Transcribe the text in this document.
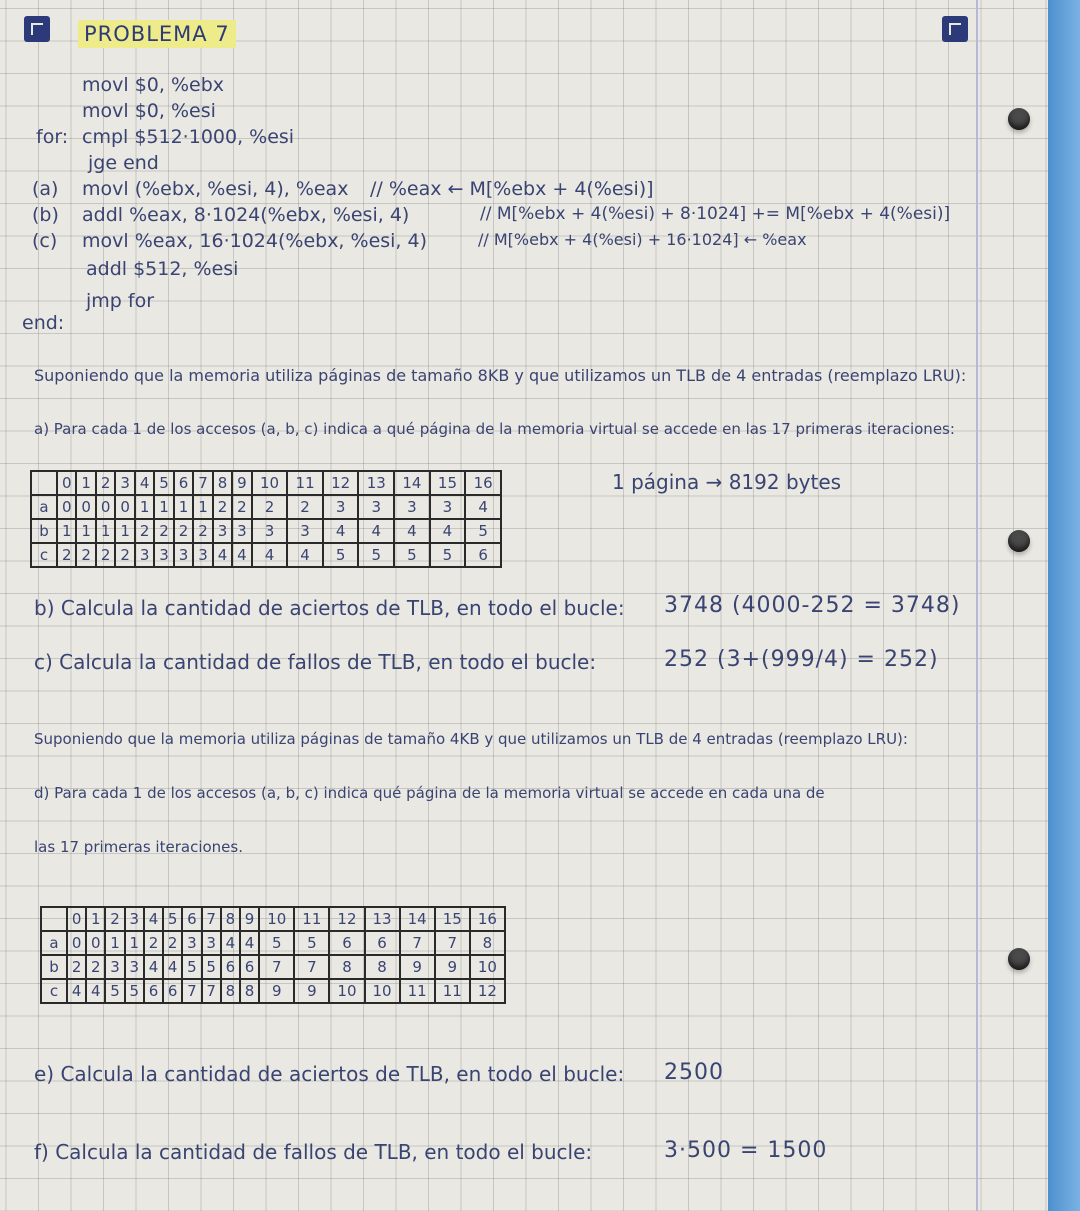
PROBLEMA 7
movl $0, %ebx
movl $0, %esi
for: cmpl $512·1000, %esi
jge end
(a) movl (%ebx, %esi, 4), %eax // %eax ← M[%ebx + 4(%esi)]
(b) addl %eax, 8·1024(%ebx, %esi, 4)	// M[%ebx + 4(%esi) + 8·1024] += M[%ebx + 4(%esi)]
(c) movl %eax, 16·1024(%ebx, %esi, 4)	// M[%ebx + 4(%esi) + 16·1024] ← %eax
addl $512, %esi
jmp for
end:
Suponiendo que la memoria utiliza páginas de tamaño 8KB y que utilizamos un TLB de 4 entradas (reemplazo LRU):
a) Para cada 1 de los accesos (a, b, c) indica a qué página de la memoria virtual se accede en las 17 primeras iteraciones:
1 página → 8192 bytes
	0	1	2	3	4	5	6	7	8	9	10	11	12	13	14	15	16
a	0	0	0	0	1	1	1	1	2	2	2	2	3	3	3	3	4
b	1	1	1	1	2	2	2	2	3	3	3	3	4	4	4	4	5
c	2	2	2	2	3	3	3	3	4	4	4	4	5	5	5	5	6
b) Calcula la cantidad de aciertos de TLB, en todo el bucle: 3748 (4000-252 = 3748)
c) Calcula la cantidad de fallos de TLB, en todo el bucle:	252 (3+(999/4) = 252)
Suponiendo que la memoria utiliza páginas de tamaño 4KB y que utilizamos un TLB de 4 entradas (reemplazo LRU):
d) Para cada 1 de los accesos (a, b, c) indica qué página de la memoria virtual se accede en cada una de
las 17 primeras iteraciones.
	0	1	2	3	4	5	6	7	8	9	10	11	12	13	14	15	16
a	0	0	1	1	2	2	3	3	4	4	5	5	6	6	7	7	8
b	2	2	3	3	4	4	5	5	6	6	7	7	8	8	9	9	10
c	4	4	5	5	6	6	7	7	8	8	9	9	10	10	11	11	12
e) Calcula la cantidad de aciertos de TLB, en todo el bucle: 2500
f) Calcula la cantidad de fallos de TLB, en todo el bucle:	3·500 = 1500
